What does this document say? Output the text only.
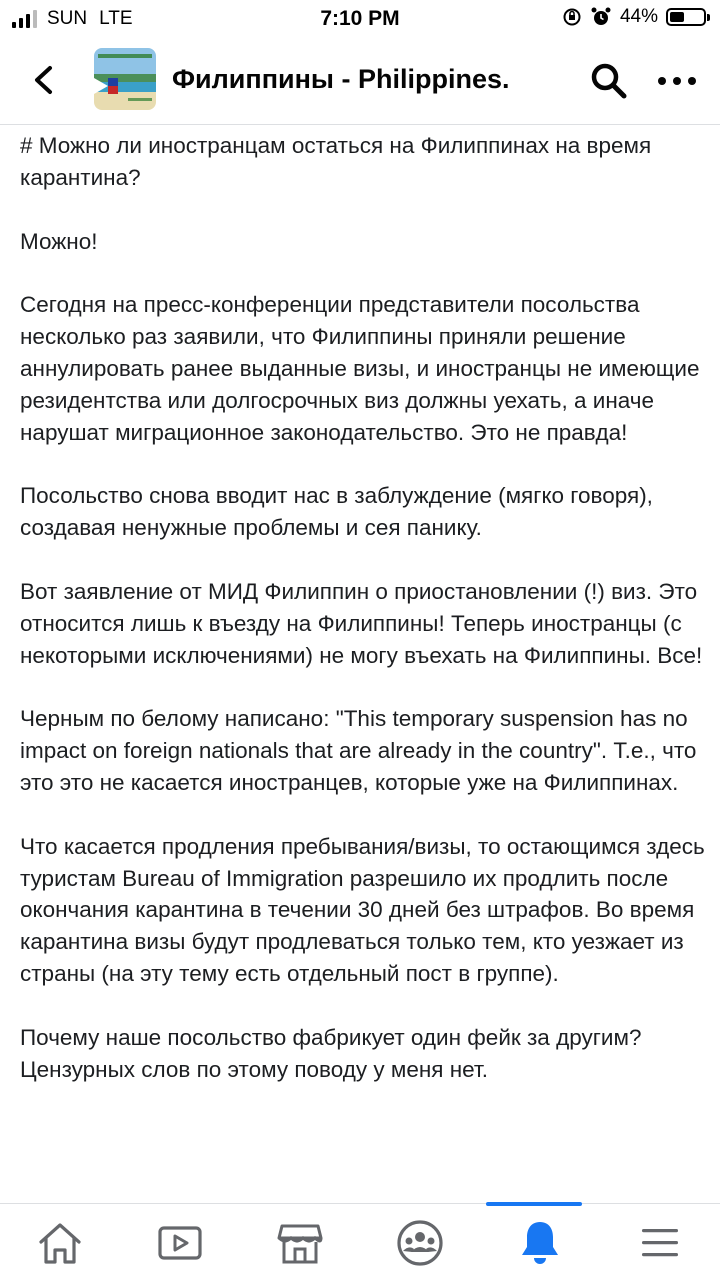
SUN LTE	7:10 PM	44%
Филиппины - Philippines.

# Можно ли иностранцам остаться на Филиппинах на время карантина?

Можно!

Сегодня на пресс-конференции представители посольства несколько раз заявили, что Филиппины приняли решение аннулировать ранее выданные визы, и иностранцы не имеющие резидентства или долгосрочных виз должны уехать, а иначе нарушат миграционное законодательство. Это не правда!

Посольство снова вводит нас в заблуждение (мягко говоря), создавая ненужные проблемы и сея панику.

Вот заявление от МИД Филиппин о приостановлении (!) виз. Это относится лишь к въезду на Филиппины! Теперь иностранцы (с некоторыми исключениями) не могу въехать на Филиппины. Все!

Черным по белому написано: "This temporary suspension has no impact on foreign nationals that are already in the country". Т.е., что это это не касается иностранцев, которые уже на Филиппинах.

Что касается продления пребывания/визы, то остающимся здесь туристам Bureau of Immigration разрешило их продлить после окончания карантина в течении 30 дней без штрафов. Во время карантина визы будут продлеваться только тем, кто уезжает из страны (на эту тему есть отдельный пост в группе).

Почему наше посольство фабрикует один фейк за другим? Цензурных слов по этому поводу у меня нет.
